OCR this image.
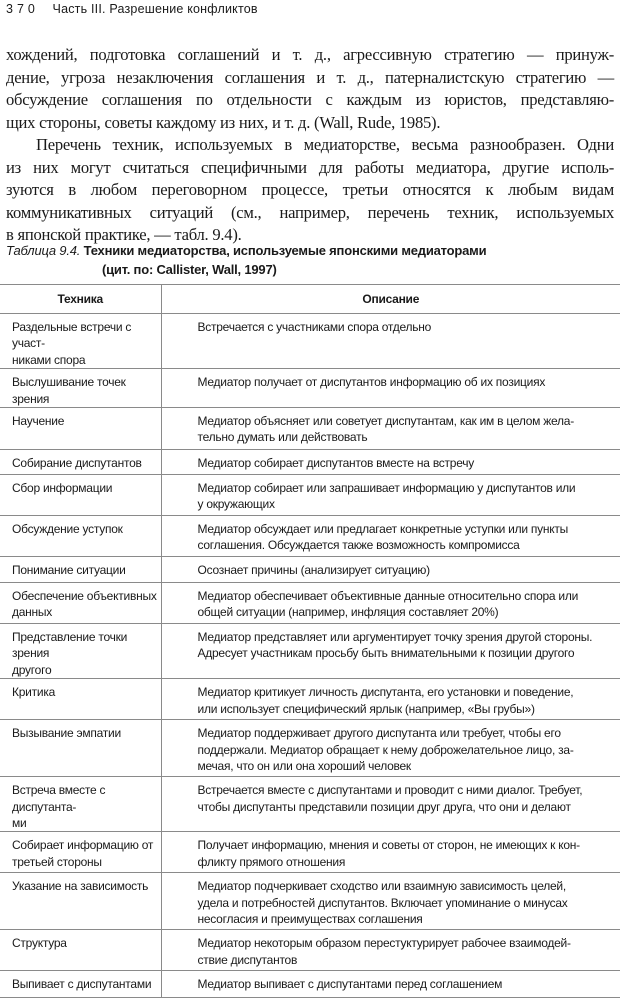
370 Часть III. Разрешение конфликтов
хождений, подготовка соглашений и т. д., агрессивную стратегию — принуж-
дение, угроза незаключения соглашения и т. д., патерналистскую стратегию —
обсуждение соглашения по отдельности с каждым из юристов, представляю-
щих стороны, советы каждому из них, и т. д. (Wall, Rude, 1985).
Перечень техник, используемых в медиаторстве, весьма разнообразен. Одни
из них могут считаться специфичными для работы медиатора, другие исполь-
зуются в любом переговорном процессе, третьи относятся к любым видам
коммуникативных ситуаций (см., например, перечень техник, используемых
в японской практике, — табл. 9.4).
Таблица 9.4. Техники медиаторства, используемые японскими медиаторами
(цит. по: Callister, Wall, 1997)
Техника	Описание

Раздельные встречи с участ-
никами спора	Встречается с участниками спора отдельно

Выслушивание точек зрения	Медиатор получает от диспутантов информацию об их позициях

Научение	Медиатор объясняет или советует диспутантам, как им в целом жела-
тельно думать или действовать

Собирание диспутантов	Медиатор собирает диспутантов вместе на встречу

Сбор информации	Медиатор собирает или запрашивает информацию у диспутантов или
у окружающих

Обсуждение уступок	Медиатор обсуждает или предлагает конкретные уступки или пункты
соглашения. Обсуждается также возможность компромисса

Понимание ситуации	Осознает причины (анализирует ситуацию)

Обеспечение объективных
данных	Медиатор обеспечивает объективные данные относительно спора или
общей ситуации (например, инфляция составляет 20%)

Представление точки зрения
другого	Медиатор представляет или аргументирует точку зрения другой стороны.
Адресует участникам просьбу быть внимательными к позиции другого

Критика	Медиатор критикует личность диспутанта, его установки и поведение,
или использует специфический ярлык (например, «Вы грубы»)

Вызывание эмпатии	Медиатор поддерживает другого диспутанта или требует, чтобы его
поддержали. Медиатор обращает к нему доброжелательное лицо, за-
мечая, что он или она хороший человек

Встреча вместе с диспутанта-
ми	Встречается вместе с диспутантами и проводит с ними диалог. Требует,
чтобы диспутанты представили позиции друг друга, что они и делают

Собирает информацию от
третьей стороны	Получает информацию, мнения и советы от сторон, не имеющих к кон-
фликту прямого отношения

Указание на зависимость	Медиатор подчеркивает сходство или взаимную зависимость целей,
удела и потребностей диспутантов. Включает упоминание о минусах
несогласия и преимуществах соглашения

Структура	Медиатор некоторым образом перестуктурирует рабочее взаимодей-
ствие диспутантов

Выпивает с диспутантами	Медиатор выпивает с диспутантами перед соглашением
